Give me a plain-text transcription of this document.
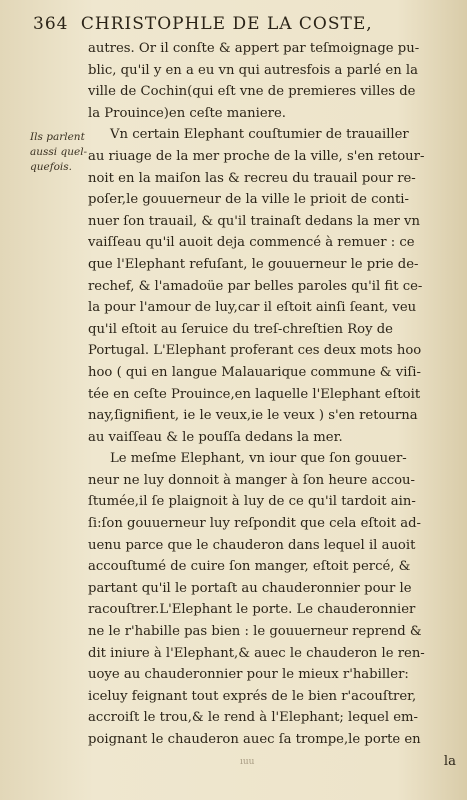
364 CHRISTOPHLE DE LA COSTE,
Ils parlent
aussi quel-
quefois.
autres. Or il conſte & appert par teſmoignage pu-
blic, qu'il y en a eu vn qui autresfois a parlé en la
ville de Cochin(qui eſt vne de premieres villes de
la Prouince)en ceſte maniere.
Vn certain Elephant couſtumier de trauailler
au riuage de la mer proche de la ville, s'en retour-
noit en la maiſon las & recreu du trauail pour re-
poſer,le gouuerneur de la ville le prioit de conti-
nuer ſon trauail, & qu'il trainaſt dedans la mer vn
vaiſſeau qu'il auoit deja commencé à remuer : ce
que l'Elephant refuſant, le gouuerneur le prie de-
rechef, & l'amadoüe par belles paroles qu'il fit ce-
la pour l'amour de luy,car il eſtoit ainſi ſeant, veu
qu'il eſtoit au ſeruice du treſ-chreſtien Roy de
Portugal. L'Elephant proferant ces deux mots hoo
hoo ( qui en langue Malauarique commune & viſi-
tée en ceſte Prouince,en laquelle l'Elephant eſtoit
nay,ſignifient, ie le veux,ie le veux ) s'en retourna
au vaiſſeau & le pouſſa dedans la mer.
Le meſme Elephant, vn iour que ſon gouuer-
neur ne luy donnoit à manger à ſon heure accou-
ſtumée,il ſe plaignoit à luy de ce qu'il tardoit ain-
ſi:ſon gouuerneur luy reſpondit que cela eſtoit ad-
uenu parce que le chauderon dans lequel il auoit
accouſtumé de cuire ſon manger, eſtoit percé, &
partant qu'il le portaſt au chauderonnier pour le
racouſtrer.L'Elephant le porte. Le chauderonnier
ne le r'habille pas bien : le gouuerneur reprend &
dit iniure à l'Elephant,& auec le chauderon le ren-
uoye au chauderonnier pour le mieux r'habiller:
iceluy feignant tout exprés de le bien r'acouſtrer,
accroiſt le trou,& le rend à l'Elephant; lequel em-
poignant le chauderon auec ſa trompe,le porte en
la
ıuu
